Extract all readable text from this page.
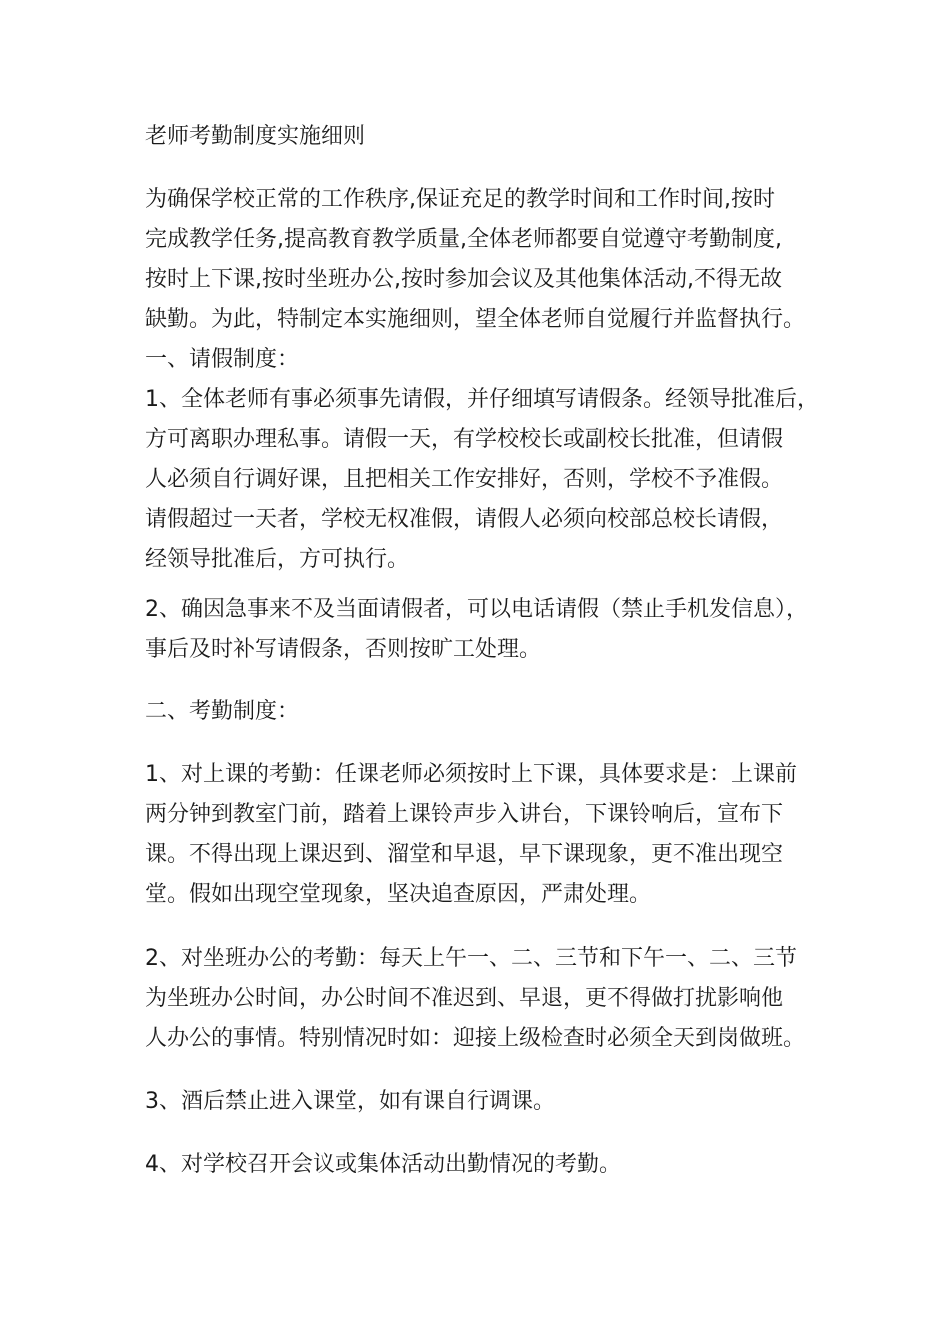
老师考勤制度实施细则
为确保学校正常的工作秩序,保证充足的教学时间和工作时间,按时
完成教学任务,提高教育教学质量,全体老师都要自觉遵守考勤制度,
按时上下课,按时坐班办公,按时参加会议及其他集体活动,不得无故
缺勤。为此，特制定本实施细则，望全体老师自觉履行并监督执行。
一、请假制度：
1、全体老师有事必须事先请假，并仔细填写请假条。经领导批准后，
方可离职办理私事。请假一天，有学校校长或副校长批准，但请假
人必须自行调好课，且把相关工作安排好，否则，学校不予准假。
请假超过一天者，学校无权准假，请假人必须向校部总校长请假，
经领导批准后，方可执行。
2、确因急事来不及当面请假者，可以电话请假（禁止手机发信息），
事后及时补写请假条，否则按旷工处理。
二、考勤制度：
1、对上课的考勤：任课老师必须按时上下课，具体要求是：上课前
两分钟到教室门前，踏着上课铃声步入讲台，下课铃响后，宣布下
课。不得出现上课迟到、溜堂和早退，早下课现象，更不准出现空
堂。假如出现空堂现象，坚决追查原因，严肃处理。
2、对坐班办公的考勤：每天上午一、二、三节和下午一、二、三节
为坐班办公时间，办公时间不准迟到、早退，更不得做打扰影响他
人办公的事情。特别情况时如：迎接上级检查时必须全天到岗做班。
3、酒后禁止进入课堂，如有课自行调课。
4、对学校召开会议或集体活动出勤情况的考勤。
